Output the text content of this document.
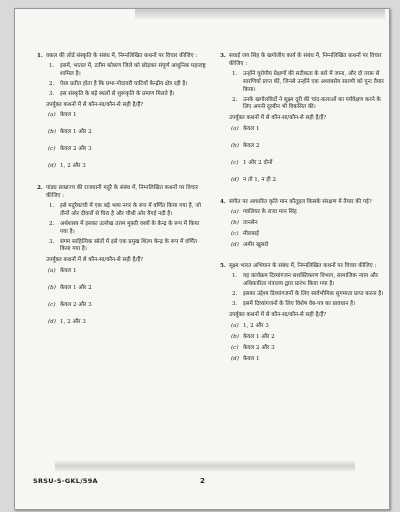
1. वकल की लोर्ड संस्कृति के संबंध में, निम्नलिखित कथनों पर विचार कीजिए :
1. इसमें, भातल में, टतीम कोकण जिले को छोड़कर संपूर्ण आधुनिक महाराष्ट्र शामिल है।
2. ऐसा प्रतीत होता है कि प्रभा-गोदावरी घाटियाँ केन्द्रीय क्षेत्र रही है।
3. इस संस्कृति के बड़े स्थलों से शुरूकृति के प्रमाण मिलते है।
उपर्युक्त कथनों में से कौन-सा/कौन-से सही है/हैं?
(a) केवल 1
(b) केवल 1 और 2
(c) केवल 2 और 3
(d) 1, 2 और 3
2. पांड्य साम्राज्य की राजधानी मदुरै के संबंध में, निम्नलिखित कथनों पर विचार कीजिए :
1. इसे मदुरैकांची में एक बड़े भव्य नगर के रूप में वर्णित किया गया है, जो तीनों ओर दीवारों से घिरा है और चौथी ओर वैगई नदी है।
2. अर्थशास्त्र में इसका उल्लेख उत्तम मुक्ती वस्त्रों के केन्द्र के रूप में किया गया है।
3. संगम साहित्यिक स्रोतों में इसे एक प्रमुख शिल्प केन्द्र के रूप में वर्णित किया गया है।
उपर्युक्त कथनों में से कौन-सा/कौन-से सही है/हैं?
(a) केवल 1
(b) केवल 1 और 2
(c) केवल 2 और 3
(d) 1, 2 और 3
3. सवाई जय सिंह के खगोलीय कार्य के संबंध में, निम्नलिखित कथनों पर विचार कीजिए :
1. उन्होंने यूरोपीय प्रेक्षणों की सटीकता के बारे में जाना, और दो तरफ़ से सारणियाँ प्राप्त कीं, जिनसे उन्होंने एक अध्यवसेय सारणी को पुनः तैयार किया।
2. उनके खगोलविदों ने सूक्ष्म दूरी की चांद-कलाओं का पर्यवेक्षण करने के लिए अपनी दूरबीन भी विकसित की।
उपर्युक्त कथनों में से कौन-सा/कौन-से सही है/हैं?
(a) केवल 1
(b) केवल 2
(c) 1 और 2 दोनों
(d) न तो 1, न ही 2
4. संगीत पर आधारित कृति मान कौतूहल किसके संरक्षण में तैयार की गई?
(a) ग्वालियर के राजा मान सिंह
(b) तानसेन
(c) मीराबाई
(d) अमीर खुसरो
5. सूक्ष्म भारत अभियान के संबंध में, निम्नलिखित कथनों पर विचार कीजिए :
1. यह कार्यक्रम दिव्यांगजन सशक्तिकरण विभाग, सामाजिक न्याय और अधिकारिता मंत्रालय द्वारा प्रारंभ किया गया है।
2. इसका उद्देश्य दिव्यांगजनों के लिए सार्वभौमिक सुगम्यता प्राप्त करना है।
3. इसमें दिव्यांगजनों के लिए विशेष वेब-पत्र का प्रावधान है।
उपर्युक्त कथनों में से कौन-सा/कौन-से सही है/हैं?
(a) 1, 2 और 3
(b) केवल 1 और 2
(c) केवल 2 और 3
(d) केवल 1
SRSU-S-GKL/59A	2
